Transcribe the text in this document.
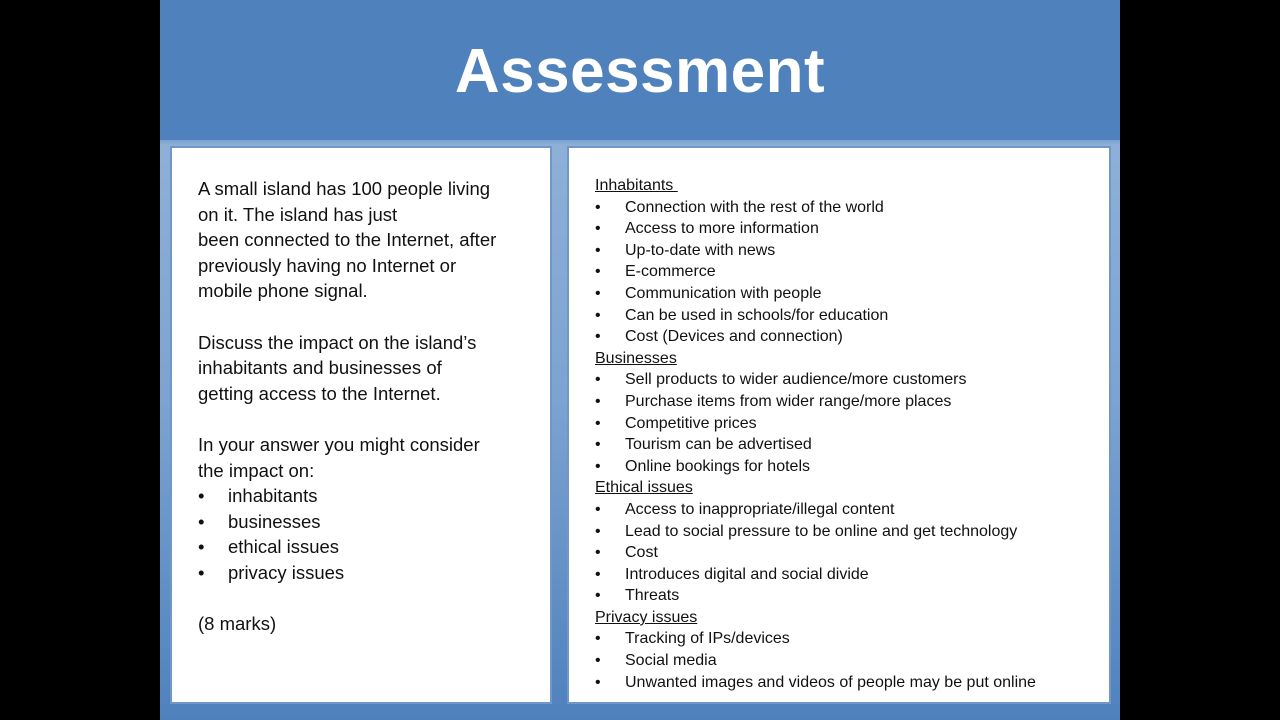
Assessment

A small island has 100 people living

on it. The island has just

been connected to the Internet, after

previously having no Internet or

mobile phone signal.

Discuss the impact on the island’s

inhabitants and businesses of

getting access to the Internet.

In your answer you might consider

the impact on:

•	inhabitants
•	businesses
•	ethical issues
•	privacy issues

(8 marks)

Inhabitants
•	Connection with the rest of the world
•	Access to more information
•	Up-to-date with news
•	E-commerce
•	Communication with people
•	Can be used in schools/for education
•	Cost (Devices and connection)
Businesses
•	Sell products to wider audience/more customers
•	Purchase items from wider range/more places
•	Competitive prices
•	Tourism can be advertised
•	Online bookings for hotels
Ethical issues
•	Access to inappropriate/illegal content
•	Lead to social pressure to be online and get technology
•	Cost
•	Introduces digital and social divide
•	Threats
Privacy issues
•	Tracking of IPs/devices
•	Social media
•	Unwanted images and videos of people may be put online
